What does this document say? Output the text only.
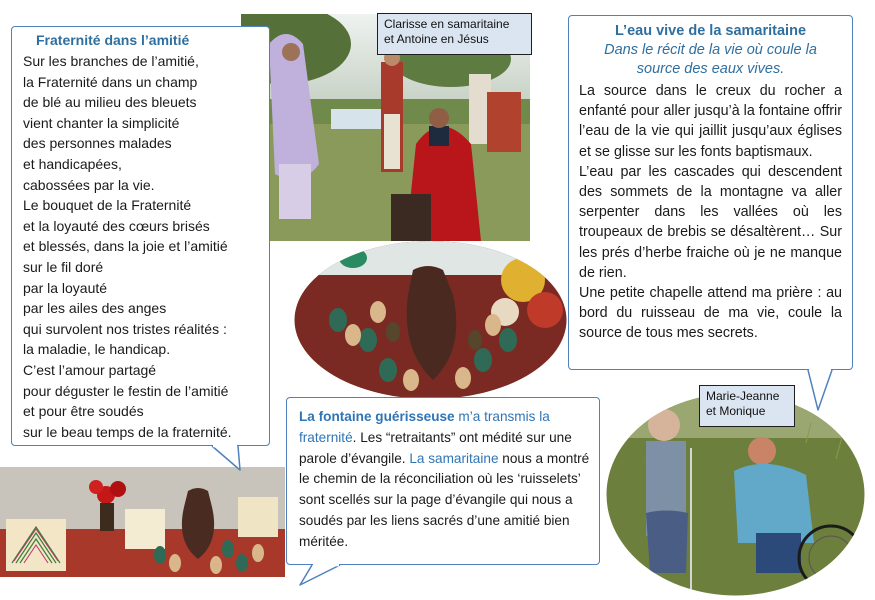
Fraternité dans l’amitié
Sur les branches de l’amitié,
la Fraternité dans un champ
de blé au milieu des bleuets
vient chanter la simplicité
des personnes malades
et handicapées,
cabossées par la vie.
Le bouquet de la Fraternité
et la loyauté des cœurs brisés
et blessés, dans la joie et l’amitié
sur le fil doré
par la loyauté
par les ailes des anges
qui survolent nos tristes réalités :
la maladie, le handicap.
C’est l’amour partagé
pour déguster le festin de l’amitié
et pour être soudés
sur le beau temps de la fraternité.
L’eau vive de la samaritaine
Dans le récit de la vie où coule la
source des eaux vives.

La source dans le creux du rocher a enfanté pour aller jusqu’à la fontaine offrir l’eau de la vie qui jaillit jusqu’aux églises et se glisse sur les fonts baptismaux.

L’eau par les cascades qui descendent des sommets de la montagne va aller serpenter dans les vallées où les troupeaux de brebis se désaltèrent… Sur les prés d’herbe fraiche où je ne manque de rien.

Une petite chapelle attend ma prière : au bord du ruisseau de ma vie, coule la source de tous mes secrets.

La fontaine guérisseuse m’a transmis la fraternité. Les “retraitants” ont médité sur une parole d’évangile. La samaritaine nous a montré le chemin de la réconciliation où les ‘ruisselets’ sont scellés sur la page d’évangile qui nous a soudés par les liens sacrés d’une amitié bien méritée.

Clarisse en samaritaine
et Antoine en Jésus
Marie-Jeanne
et Monique
